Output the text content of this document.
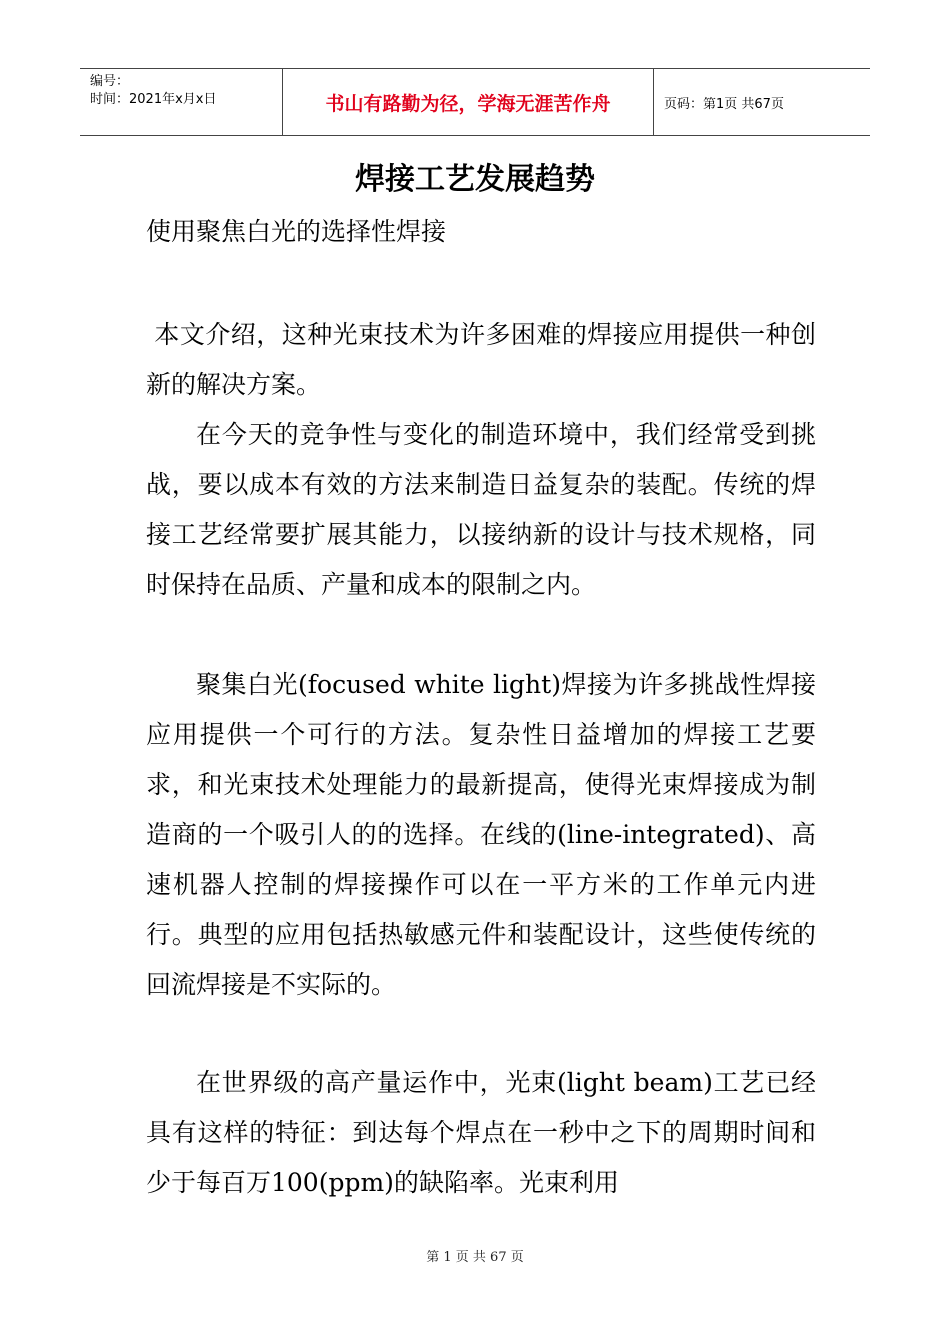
编号：
时间：2021年x月x日	书山有路勤为径，学海无涯苦作舟	页码：第1页 共67页
焊接工艺发展趋势
使用聚焦白光的选择性焊接

本文介绍，这种光束技术为许多困难的焊接应用提供一种创新的解决方案。

在今天的竞争性与变化的制造环境中，我们经常受到挑战，要以成本有效的方法来制造日益复杂的装配。传统的焊接工艺经常要扩展其能力，以接纳新的设计与技术规格，同时保持在品质、产量和成本的限制之内。

聚集白光(focused white light)焊接为许多挑战性焊接应用提供一个可行的方法。复杂性日益增加的焊接工艺要求，和光束技术处理能力的最新提高，使得光束焊接成为制造商的一个吸引人的的选择。在线的(line-integrated)、高速机器人控制的焊接操作可以在一平方米的工作单元内进行。典型的应用包括热敏感元件和装配设计，这些使传统的回流焊接是不实际的。

在世界级的高产量运作中，光束(light beam)工艺已经具有这样的特征：到达每个焊点在一秒中之下的周期时间和少于每百万100(ppm)的缺陷率。光束利用

第 1 页 共 67 页
